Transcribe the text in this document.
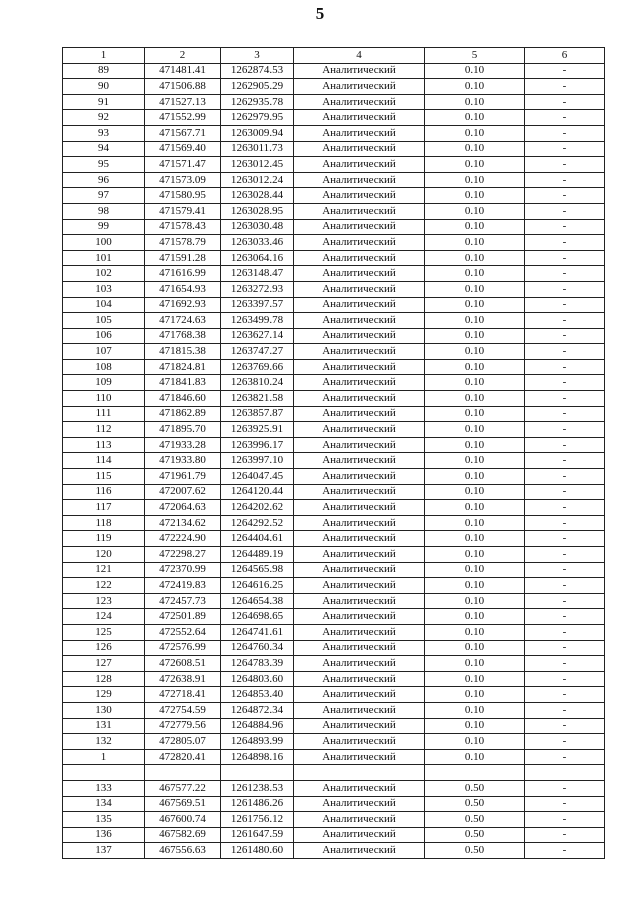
5
1	2	3	4	5	6
89	471481.41	1262874.53	Аналитический	0.10	-
90	471506.88	1262905.29	Аналитический	0.10	-
91	471527.13	1262935.78	Аналитический	0.10	-
92	471552.99	1262979.95	Аналитический	0.10	-
93	471567.71	1263009.94	Аналитический	0.10	-
94	471569.40	1263011.73	Аналитический	0.10	-
95	471571.47	1263012.45	Аналитический	0.10	-
96	471573.09	1263012.24	Аналитический	0.10	-
97	471580.95	1263028.44	Аналитический	0.10	-
98	471579.41	1263028.95	Аналитический	0.10	-
99	471578.43	1263030.48	Аналитический	0.10	-
100	471578.79	1263033.46	Аналитический	0.10	-
101	471591.28	1263064.16	Аналитический	0.10	-
102	471616.99	1263148.47	Аналитический	0.10	-
103	471654.93	1263272.93	Аналитический	0.10	-
104	471692.93	1263397.57	Аналитический	0.10	-
105	471724.63	1263499.78	Аналитический	0.10	-
106	471768.38	1263627.14	Аналитический	0.10	-
107	471815.38	1263747.27	Аналитический	0.10	-
108	471824.81	1263769.66	Аналитический	0.10	-
109	471841.83	1263810.24	Аналитический	0.10	-
110	471846.60	1263821.58	Аналитический	0.10	-
111	471862.89	1263857.87	Аналитический	0.10	-
112	471895.70	1263925.91	Аналитический	0.10	-
113	471933.28	1263996.17	Аналитический	0.10	-
114	471933.80	1263997.10	Аналитический	0.10	-
115	471961.79	1264047.45	Аналитический	0.10	-
116	472007.62	1264120.44	Аналитический	0.10	-
117	472064.63	1264202.62	Аналитический	0.10	-
118	472134.62	1264292.52	Аналитический	0.10	-
119	472224.90	1264404.61	Аналитический	0.10	-
120	472298.27	1264489.19	Аналитический	0.10	-
121	472370.99	1264565.98	Аналитический	0.10	-
122	472419.83	1264616.25	Аналитический	0.10	-
123	472457.73	1264654.38	Аналитический	0.10	-
124	472501.89	1264698.65	Аналитический	0.10	-
125	472552.64	1264741.61	Аналитический	0.10	-
126	472576.99	1264760.34	Аналитический	0.10	-
127	472608.51	1264783.39	Аналитический	0.10	-
128	472638.91	1264803.60	Аналитический	0.10	-
129	472718.41	1264853.40	Аналитический	0.10	-
130	472754.59	1264872.34	Аналитический	0.10	-
131	472779.56	1264884.96	Аналитический	0.10	-
132	472805.07	1264893.99	Аналитический	0.10	-
1	472820.41	1264898.16	Аналитический	0.10	-

133	467577.22	1261238.53	Аналитический	0.50	-
134	467569.51	1261486.26	Аналитический	0.50	-
135	467600.74	1261756.12	Аналитический	0.50	-
136	467582.69	1261647.59	Аналитический	0.50	-
137	467556.63	1261480.60	Аналитический	0.50	-
